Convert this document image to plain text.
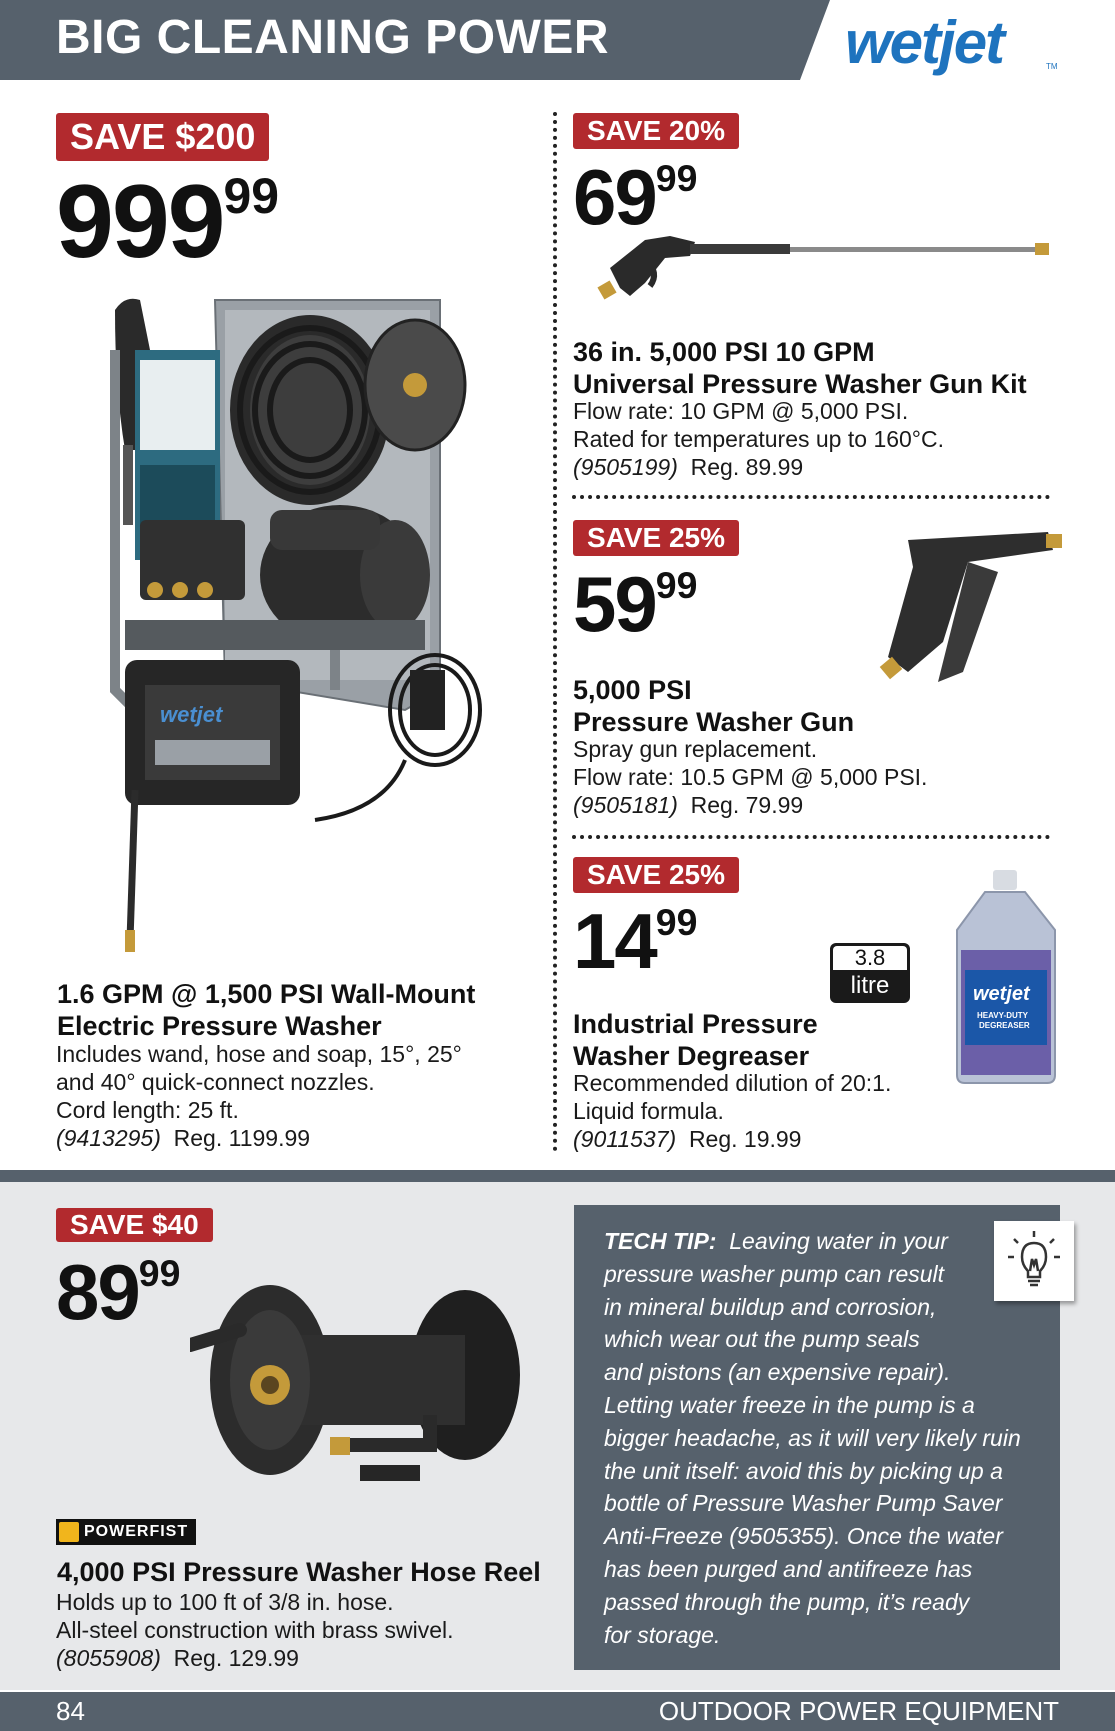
BIG CLEANING POWER	wetjet	TM
SAVE $200
$999^{99}$
wetjet
1.6 GPM @ 1,500 PSI Wall-Mount
Electric Pressure Washer
Includes wand, hose and soap, 15°, 25°
and 40° quick-connect nozzles.
Cord length: 25 ft.
(9413295) Reg. 1199.99
SAVE 20%
$69^{99}$
36 in. 5,000 PSI 10 GPM
Universal Pressure Washer Gun Kit
Flow rate: 10 GPM @ 5,000 PSI.
Rated for temperatures up to 160°C.
(9505199) Reg. 89.99
SAVE 25%
$59^{99}$
5,000 PSI
Pressure Washer Gun
Spray gun replacement.
Flow rate: 10.5 GPM @ 5,000 PSI.
(9505181) Reg. 79.99
SAVE 25%
$14^{99}$
3.8
litre	wetjet
HEAVY-DUTY
DEGREASER
Industrial Pressure
Washer Degreaser
Recommended dilution of 20:1.
Liquid formula.
(9011537) Reg. 19.99
SAVE $40
$89^{99}$
POWERFIST
4,000 PSI Pressure Washer Hose Reel
Holds up to 100 ft of 3/8 in. hose.
All-steel construction with brass swivel.
(8055908) Reg. 129.99
TECH TIP: Leaving water in your
pressure washer pump can result
in mineral buildup and corrosion,
which wear out the pump seals
and pistons (an expensive repair).
Letting water freeze in the pump is a
bigger headache, as it will very likely ruin
the unit itself: avoid this by picking up a
bottle of Pressure Washer Pump Saver
Anti-Freeze (9505355). Once the water
has been purged and antifreeze has
passed through the pump, it’s ready
for storage.
84	OUTDOOR POWER EQUIPMENT
